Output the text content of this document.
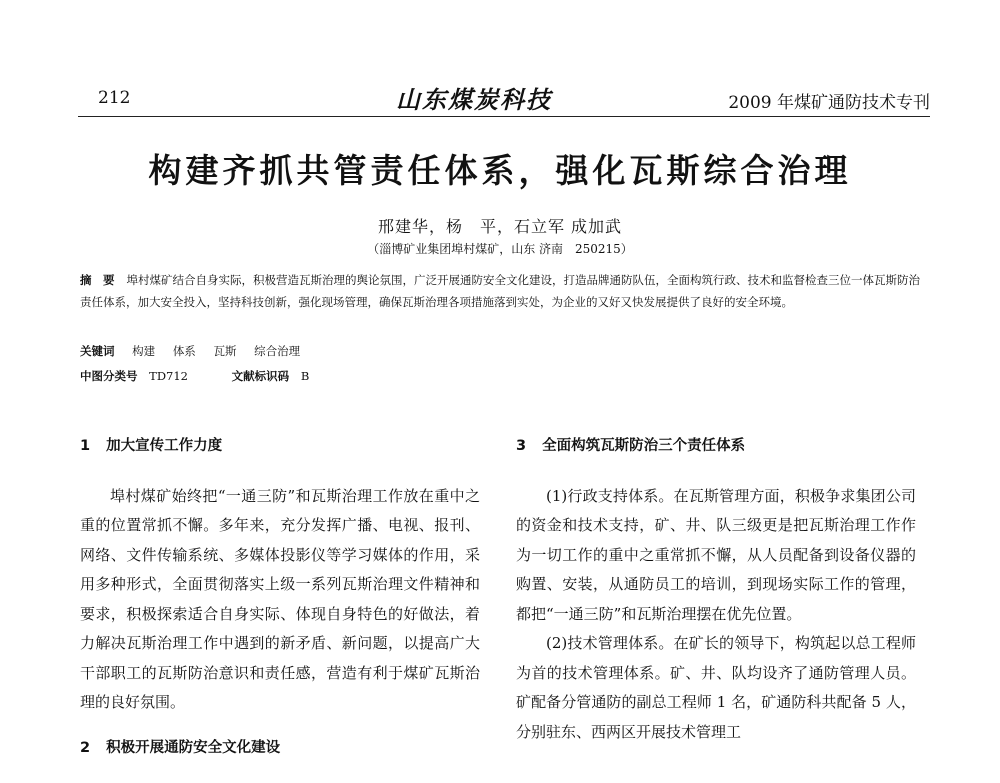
212	山东煤炭科技	2009 年煤矿通防技术专刊
构建齐抓共管责任体系，强化瓦斯综合治理
邢建华，杨　平，石立军 成加武
（淄博矿业集团埠村煤矿，山东 济南　250215）
摘　要 埠村煤矿结合自身实际，积极营造瓦斯治理的舆论氛围，广泛开展通防安全文化建设，打造品牌通防队伍，全面构筑行政、技术和监督检查三位一体瓦斯防治责任体系，加大安全投入，坚持科技创新，强化现场管理，确保瓦斯治理各项措施落到实处，为企业的又好又快发展提供了良好的安全环境。
关键词 构建 体系 瓦斯 综合治理
中图分类号 TD712	文献标识码 B
1 加大宣传工作力度

埠村煤矿始终把“一通三防”和瓦斯治理工作放在重中之重的位置常抓不懈。多年来，充分发挥广播、电视、报刊、网络、文件传输系统、多媒体投影仪等学习媒体的作用，采用多种形式，全面贯彻落实上级一系列瓦斯治理文件精神和要求，积极探索适合自身实际、体现自身特色的好做法，着力解决瓦斯治理工作中遇到的新矛盾、新问题，以提高广大干部职工的瓦斯防治意识和责任感，营造有利于煤矿瓦斯治理的良好氛围。

2 积极开展通防安全文化建设
3 全面构筑瓦斯防治三个责任体系

(1)行政支持体系。在瓦斯管理方面，积极争求集团公司的资金和技术支持，矿、井、队三级更是把瓦斯治理工作作为一切工作的重中之重常抓不懈，从人员配备到设备仪器的购置、安装，从通防员工的培训，到现场实际工作的管理，都把“一通三防”和瓦斯治理摆在优先位置。

(2)技术管理体系。在矿长的领导下，构筑起以总工程师为首的技术管理体系。矿、井、队均设齐了通防管理人员。矿配备分管通防的副总工程师 1 名，矿通防科共配备 5 人，分别驻东、西两区开展技术管理工
